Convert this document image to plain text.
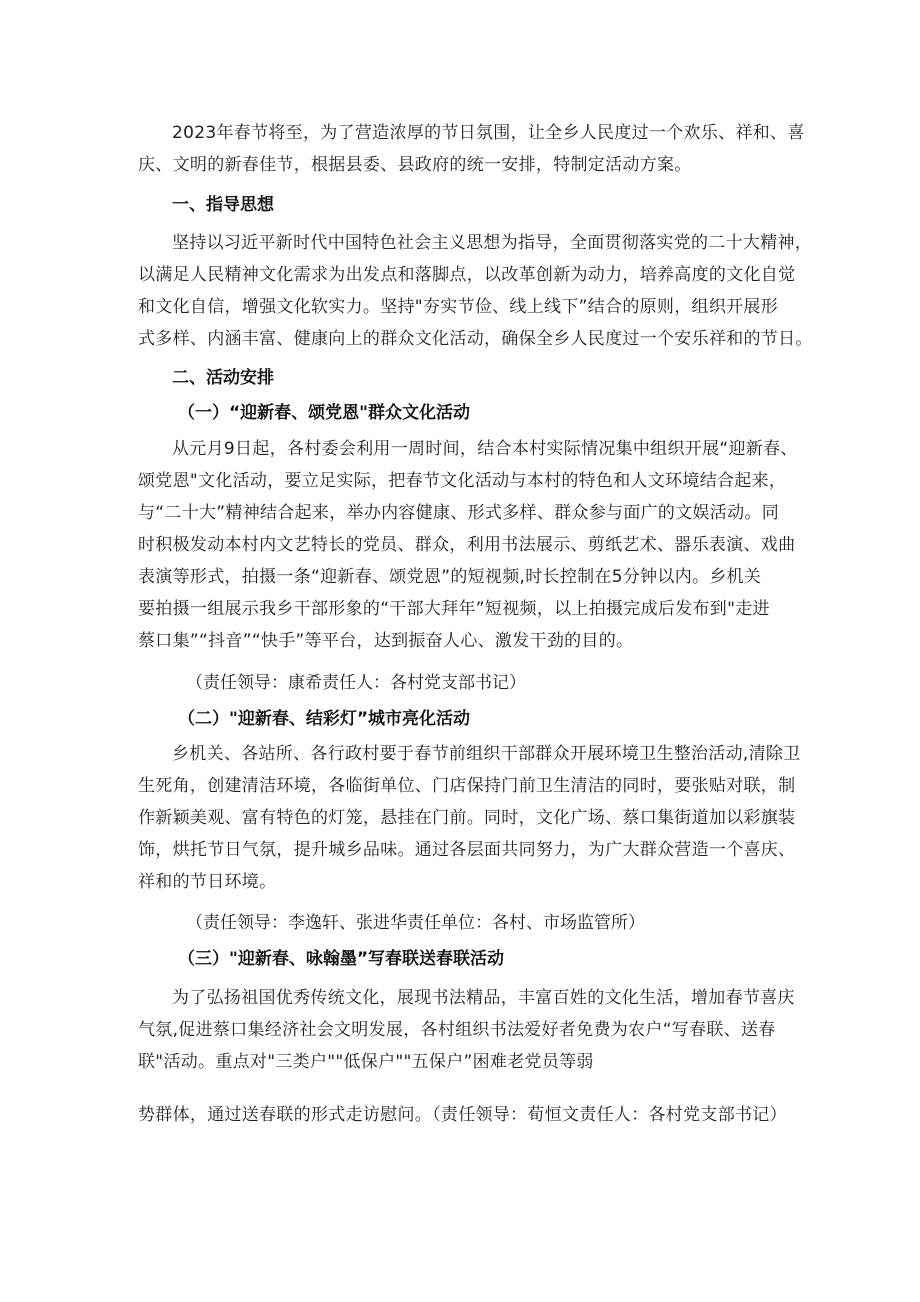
2023年春节将至，为了营造浓厚的节日氛围，让全乡人民度过一个欢乐、祥和、喜
庆、文明的新春佳节，根据县委、县政府的统一安排，特制定活动方案。

一、指导思想

坚持以习近平新时代中国特色社会主义思想为指导，全面贯彻落实党的二十大精神，
以满足人民精神文化需求为出发点和落脚点，以改革创新为动力，培养高度的文化自觉
和文化自信，增强文化软实力。坚持"夯实节俭、线上线下”结合的原则，组织开展形
式多样、内涵丰富、健康向上的群众文化活动，确保全乡人民度过一个安乐祥和的节日。

二、活动安排

（一）“迎新春、颂党恩"群众文化活动

从元月9日起，各村委会利用一周时间，结合本村实际情况集中组织开展“迎新春、
颂党恩"文化活动，要立足实际，把春节文化活动与本村的特色和人文环境结合起来，
与“二十大”精神结合起来，举办内容健康、形式多样、群众参与面广的文娱活动。同
时积极发动本村内文艺特长的党员、群众，利用书法展示、剪纸艺术、器乐表演、戏曲
表演等形式，拍摄一条“迎新春、颂党恩”的短视频,时长控制在5分钟以内。乡机关
要拍摄一组展示我乡干部形象的“干部大拜年”短视频，以上拍摄完成后发布到"走进
蔡口集”“抖音”“快手”等平台，达到振奋人心、激发干劲的目的。

（责任领导：康希责任人：各村党支部书记）

（二）"迎新春、结彩灯”城市亮化活动

乡机关、各站所、各行政村要于春节前组织干部群众开展环境卫生整治活动,清除卫
生死角，创建清洁环境，各临街单位、门店保持门前卫生清洁的同时，要张贴对联，制
作新颖美观、富有特色的灯笼，悬挂在门前。同时，文化广场、蔡口集街道加以彩旗装
饰，烘托节日气氛，提升城乡品味。通过各层面共同努力，为广大群众营造一个喜庆、
祥和的节日环境。

（责任领导：李逸轩、张进华责任单位：各村、市场监管所）

（三）"迎新春、咏翰墨”写春联送春联活动

为了弘扬祖国优秀传统文化，展现书法精品，丰富百姓的文化生活，增加春节喜庆
气氛,促进蔡口集经济社会文明发展，各村组织书法爱好者免费为农户“写春联、送春
联"活动。重点对"三类户""低保户""五保户”困难老党员等弱

势群体，通过送春联的形式走访慰问。（责任领导：荀恒文责任人：各村党支部书记）
